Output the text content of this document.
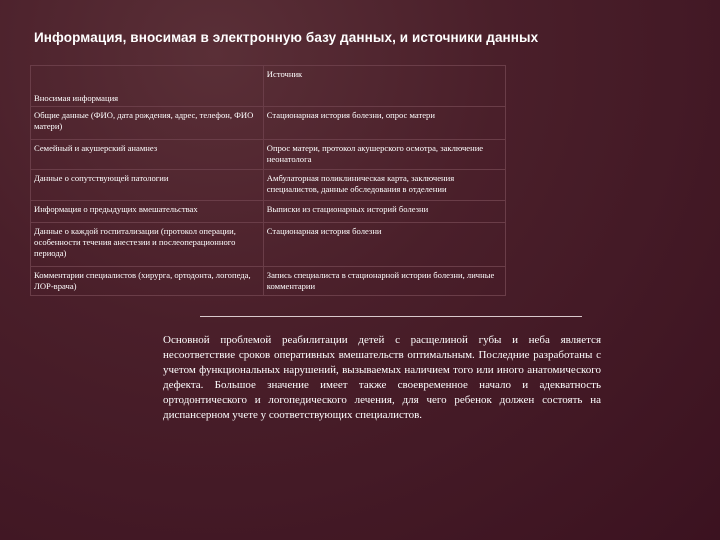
Информация, вносимая в электронную базу данных, и источники данных
Вносимая информация	Источник
Общие данные (ФИО, дата рождения, адрес, телефон, ФИО матери)	Стационарная история болезни, опрос матери
Семейный и акушерский анамнез	Опрос матери, протокол акушерского осмотра, заключение неонатолога
Данные о сопутствующей патологии	Амбулаторная поликлиническая карта, заключения специалистов, данные обследования в отделении
Информация о предыдущих вмешательствах	Выписки из стационарных историй болезни
Данные о каждой госпитализации (протокол операции, особенности течения анестезии и послеоперационного периода)	Стационарная история болезни
Комментарии специалистов (хирурга, ортодонта, логопеда, ЛОР-врача)	Запись специалиста в стационарной истории болезни, личные комментарии
Основной проблемой реабилитации детей с расщелиной губы и неба является несоответствие сроков оперативных вмешательств оптимальным. Последние разработаны с учетом функциональных нарушений, вызываемых наличием того или иного анатомического дефекта. Большое значение имеет также своевременное начало и адекватность ортодонтического и логопедического лечения, для чего ребенок должен состоять на диспансерном учете у соответствующих специалистов.
